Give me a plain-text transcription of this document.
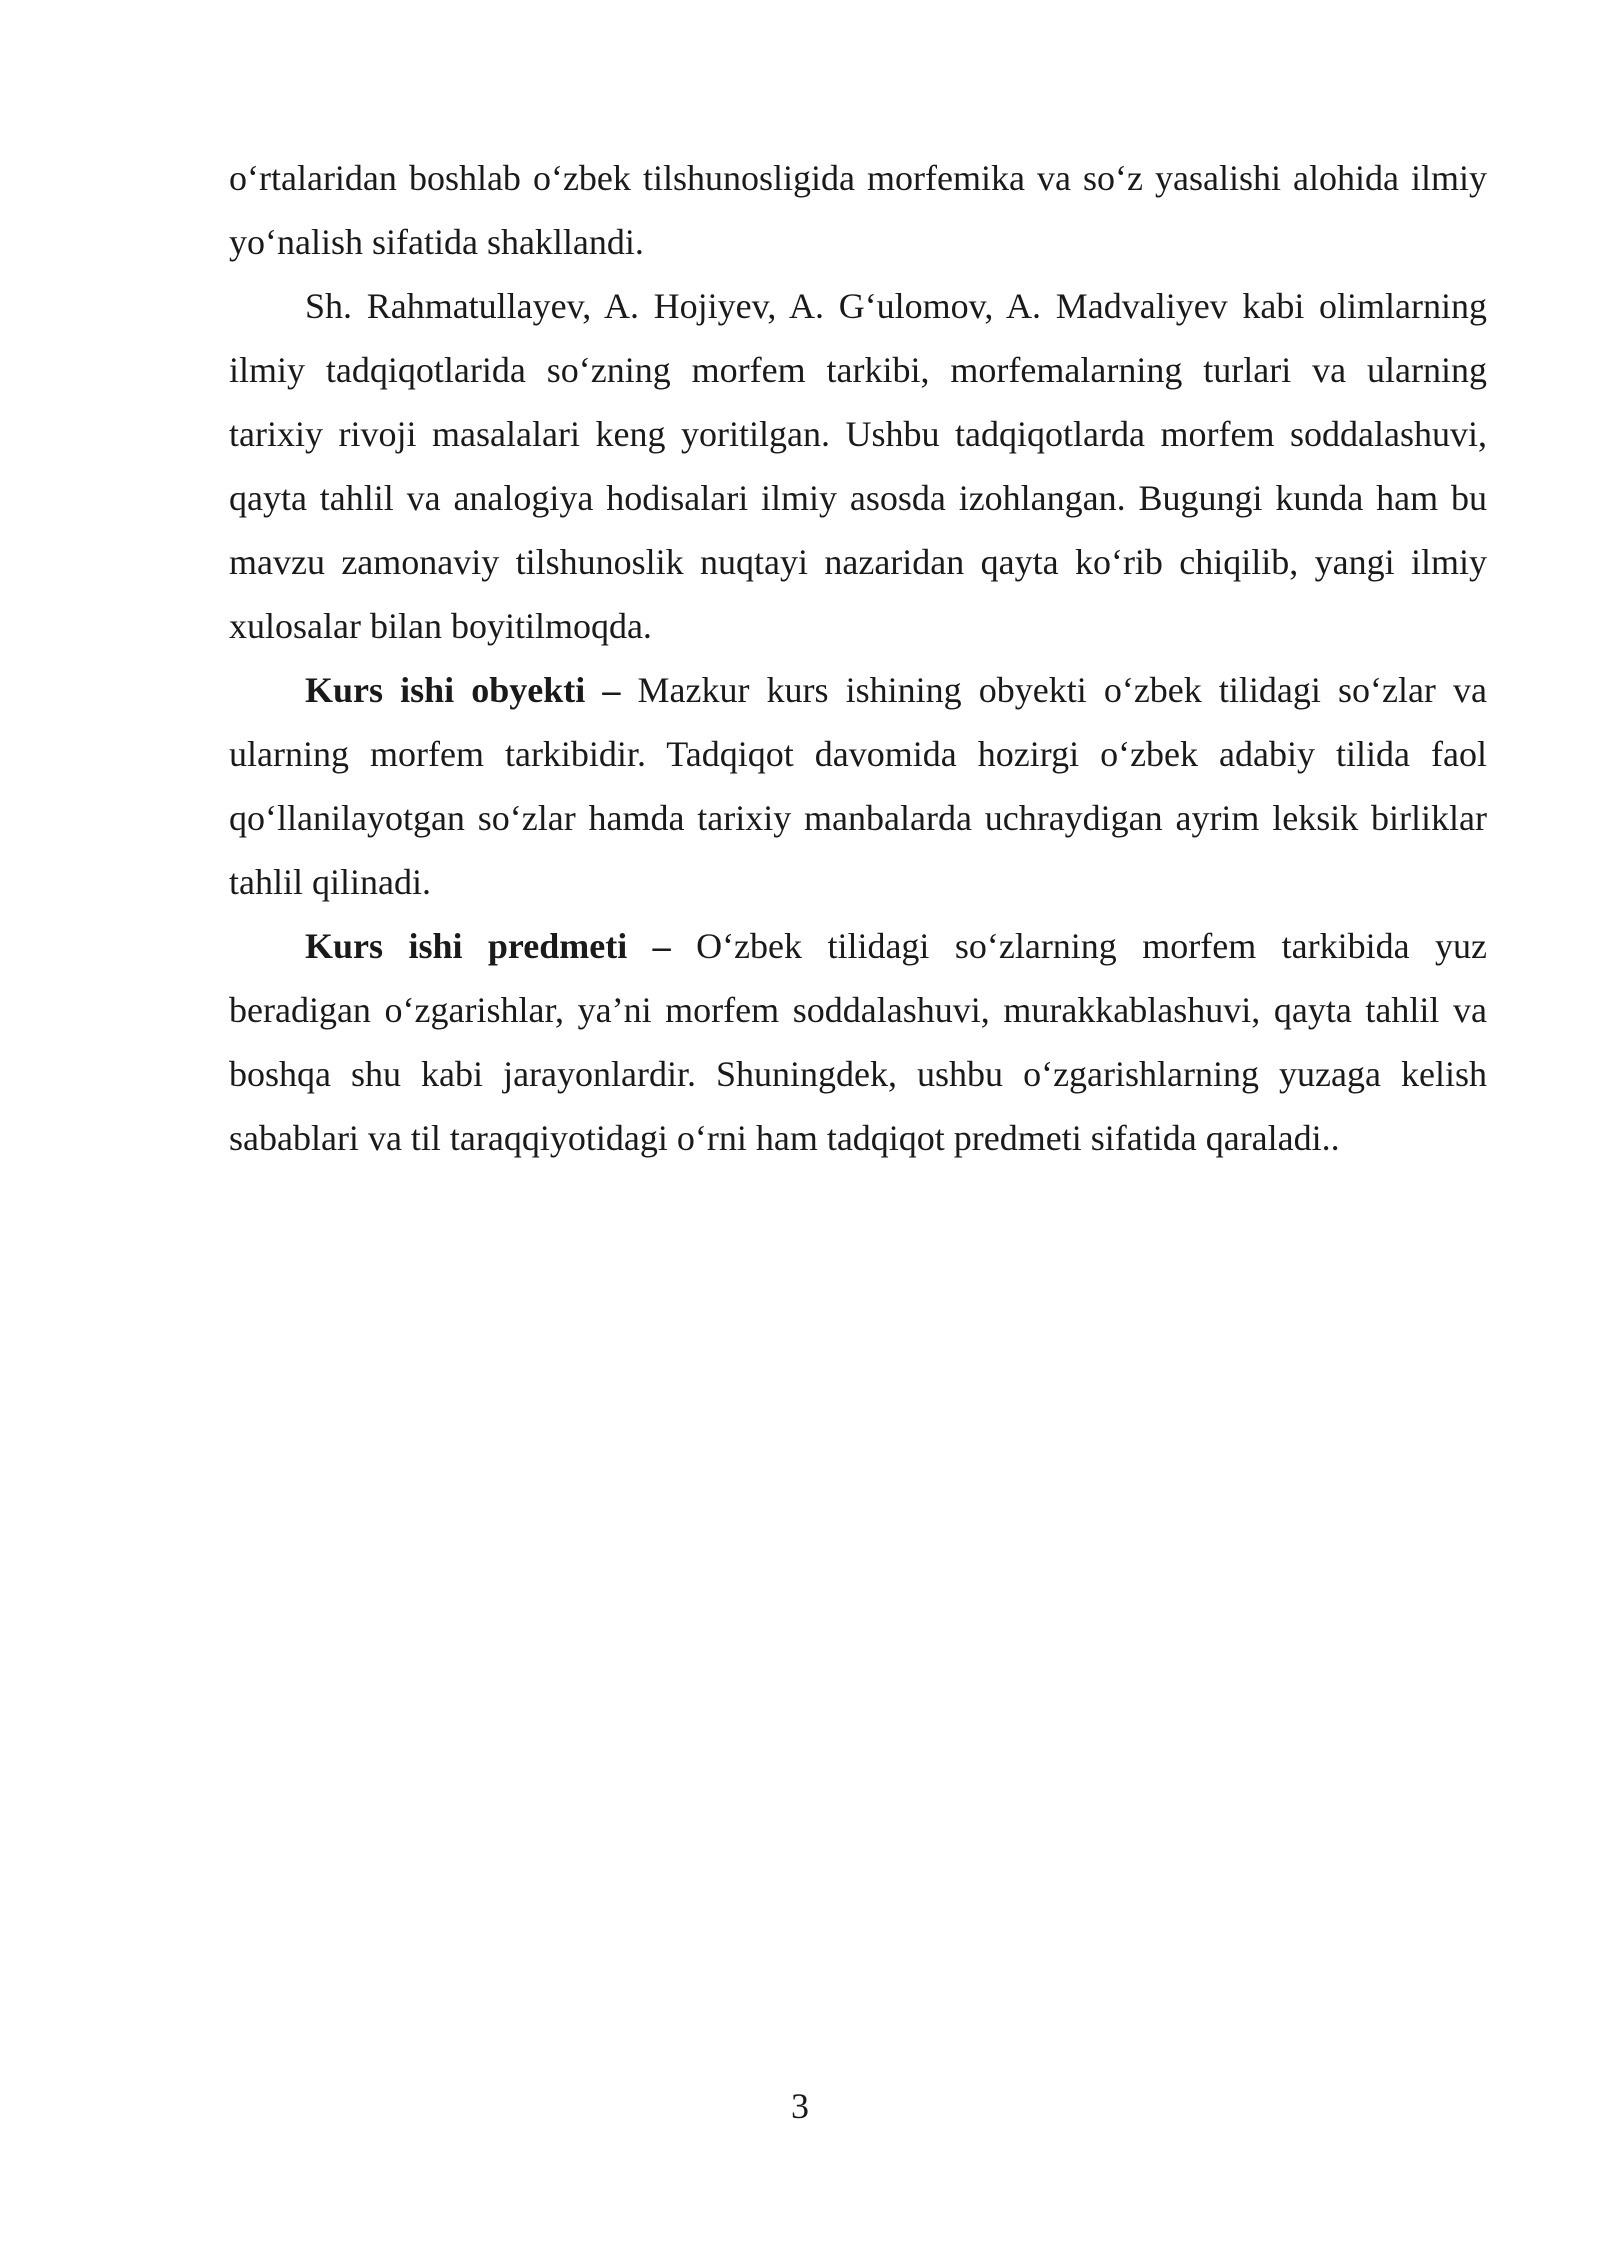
o‘rtalaridan boshlab o‘zbek tilshunosligida morfemika va so‘z yasalishi alohida ilmiy yo‘nalish sifatida shakllandi.

Sh. Rahmatullayev, A. Hojiyev, A. G‘ulomov, A. Madvaliyev kabi olimlarning ilmiy tadqiqotlarida so‘zning morfem tarkibi, morfemalarning turlari va ularning tarixiy rivoji masalalari keng yoritilgan. Ushbu tadqiqotlarda morfem soddalashuvi, qayta tahlil va analogiya hodisalari ilmiy asosda izohlangan. Bugungi kunda ham bu mavzu zamonaviy tilshunoslik nuqtayi nazaridan qayta ko‘rib chiqilib, yangi ilmiy xulosalar bilan boyitilmoqda.

Kurs ishi obyekti – Mazkur kurs ishining obyekti o‘zbek tilidagi so‘zlar va ularning morfem tarkibidir. Tadqiqot davomida hozirgi o‘zbek adabiy tilida faol qo‘llanilayotgan so‘zlar hamda tarixiy manbalarda uchraydigan ayrim leksik birliklar tahlil qilinadi.

Kurs ishi predmeti – O‘zbek tilidagi so‘zlarning morfem tarkibida yuz beradigan o‘zgarishlar, ya’ni morfem soddalashuvi, murakkablashuvi, qayta tahlil va boshqa shu kabi jarayonlardir. Shuningdek, ushbu o‘zgarishlarning yuzaga kelish sabablari va til taraqqiyotidagi o‘rni ham tadqiqot predmeti sifatida qaraladi..

3
